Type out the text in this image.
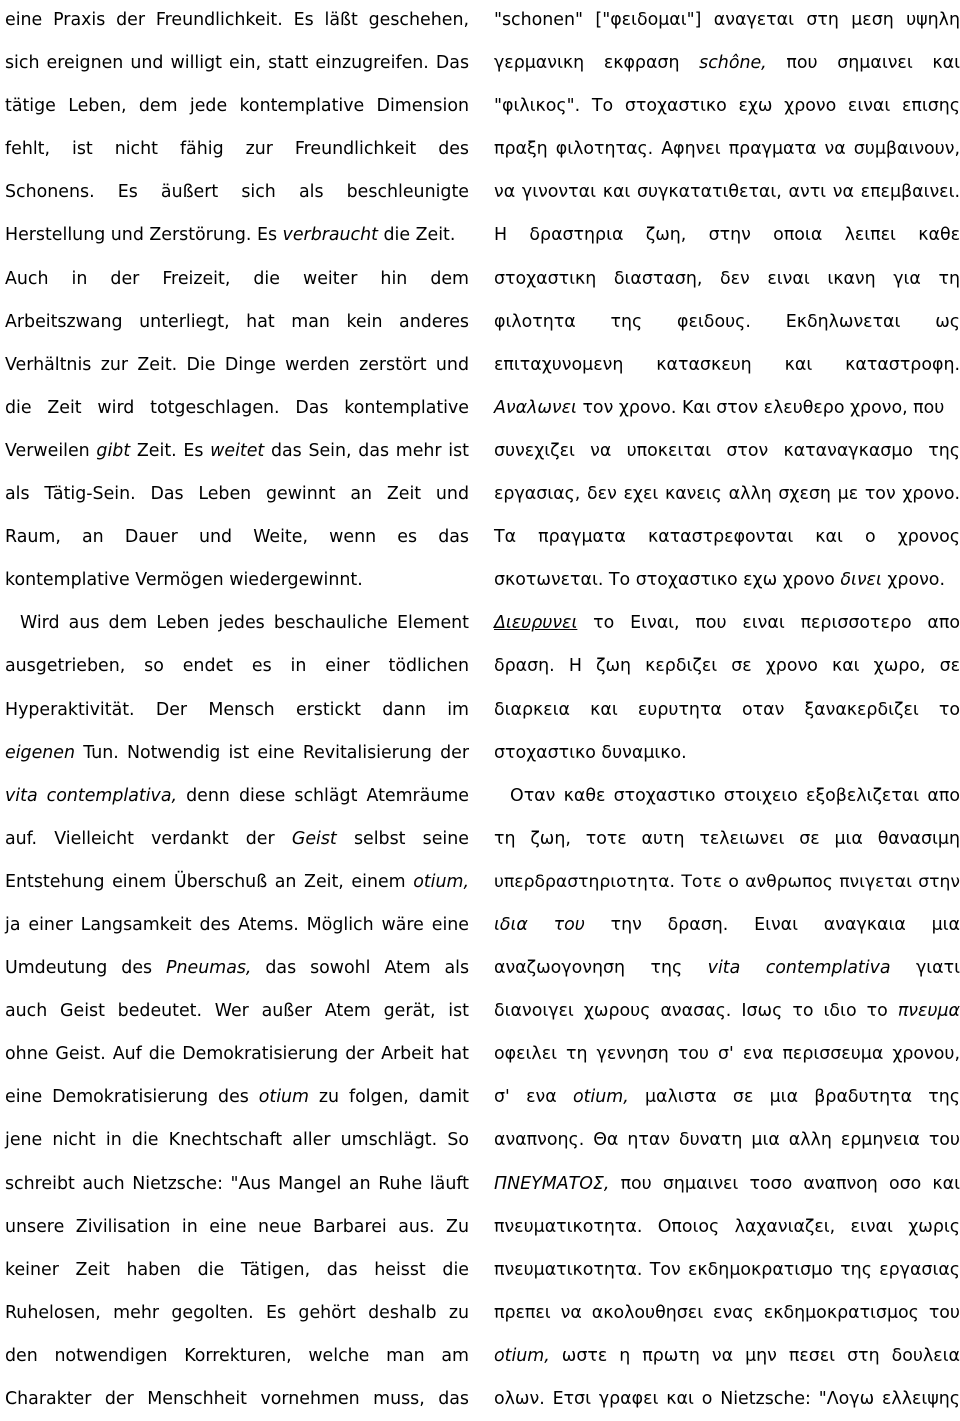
eine Praxis der Freundlichkeit. Es läßt geschehen,
sich ereignen und willigt ein, statt einzugreifen. Das
tätige Leben, dem jede kontemplative Dimension
fehlt, ist nicht fähig zur Freundlichkeit des
Schonens. Es äußert sich als beschleunigte
Herstellung und Zerstörung. Es verbraucht die Zeit.
Auch in der Freizeit, die weiter hin dem
Arbeitszwang unterliegt, hat man kein anderes
Verhältnis zur Zeit. Die Dinge werden zerstört und
die Zeit wird totgeschlagen. Das kontemplative
Verweilen gibt Zeit. Es weitet das Sein, das mehr ist
als Tätig-Sein. Das Leben gewinnt an Zeit und
Raum, an Dauer und Weite, wenn es das
kontemplative Vermögen wiedergewinnt.
Wird aus dem Leben jedes beschauliche Element
ausgetrieben, so endet es in einer tödlichen
Hyperaktivität. Der Mensch erstickt dann im
eigenen Tun. Notwendig ist eine Revitalisierung der
vita contemplativa, denn diese schlägt Atemräume
auf. Vielleicht verdankt der Geist selbst seine
Entstehung einem Überschuß an Zeit, einem otium,
ja einer Langsamkeit des Atems. Möglich wäre eine
Umdeutung des Pneumas, das sowohl Atem als
auch Geist bedeutet. Wer außer Atem gerät, ist
ohne Geist. Auf die Demokratisierung der Arbeit hat
eine Demokratisierung des otium zu folgen, damit
jene nicht in die Knechtschaft aller umschlägt. So
schreibt auch Nietzsche: "Aus Mangel an Ruhe läuft
unsere Zivilisation in eine neue Barbarei aus. Zu
keiner Zeit haben die Tätigen, das heisst die
Ruhelosen, mehr gegolten. Es gehört deshalb zu
den notwendigen Korrekturen, welche man am
Charakter der Menschheit vornehmen muss, das
"schonen" ["φειδομαι"] αναγεται στη μεση υψηλη
γερμανικη εκφραση schône, που σημαινει και
"φιλικος". Το στοχαστικο εχω χρονο ειναι επισης
πραξη φιλοτητας. Αφηνει πραγματα να συμβαινουν,
να γινονται και συγκατατιθεται, αντι να επεμβαινει.
Η δραστηρια ζωη, στην οποια λειπει καθε
στοχαστικη διασταση, δεν ειναι ικανη για τη
φιλοτητα της φειδους. Εκδηλωνεται ως
επιταχυνομενη κατασκευη και καταστροφη.
Αναλωνει τον χρονο. Και στον ελευθερο χρονο, που
συνεχιζει να υποκειται στον καταναγκασμο της
εργασιας, δεν εχει κανεις αλλη σχεση με τον χρονο.
Τα πραγματα καταστρεφονται και ο χρονος
σκοτωνεται. Το στοχαστικο εχω χρονο δινει χρονο.
Διευρυνει το Ειναι, που ειναι περισσοτερο απο
δραση. Η ζωη κερδιζει σε χρονο και χωρο, σε
διαρκεια και ευρυτητα οταν ξανακερδιζει το
στοχαστικο δυναμικο.
Οταν καθε στοχαστικο στοιχειο εξοβελιζεται απο
τη ζωη, τοτε αυτη τελειωνει σε μια θανασιμη
υπερδραστηριοτητα. Τοτε ο ανθρωπος πνιγεται στην
ιδια του την δραση. Ειναι αναγκαια μια
αναζωογονηση της vita contemplativa γιατι
διανοιγει χωρους ανασας. Ισως το ιδιο το πνευμα
οφειλει τη γεννηση του σ' ενα περισσευμα χρονου,
σ' ενα otium, μαλιστα σε μια βραδυτητα της
αναπνοης. Θα ηταν δυνατη μια αλλη ερμηνεια του
ΠΝΕΥΜΑΤΟΣ, που σημαινει τοσο αναπνοη οσο και
πνευματικοτητα. Οποιος λαχανιαζει, ειναι χωρις
πνευματικοτητα. Τον εκδημοκρατισμο της εργασιας
πρεπει να ακολουθησει ενας εκδημοκρατισμος του
otium, ωστε η πρωτη να μην πεσει στη δουλεια
ολων. Ετσι γραφει και ο Nietzsche: "Λογω ελλειψης
